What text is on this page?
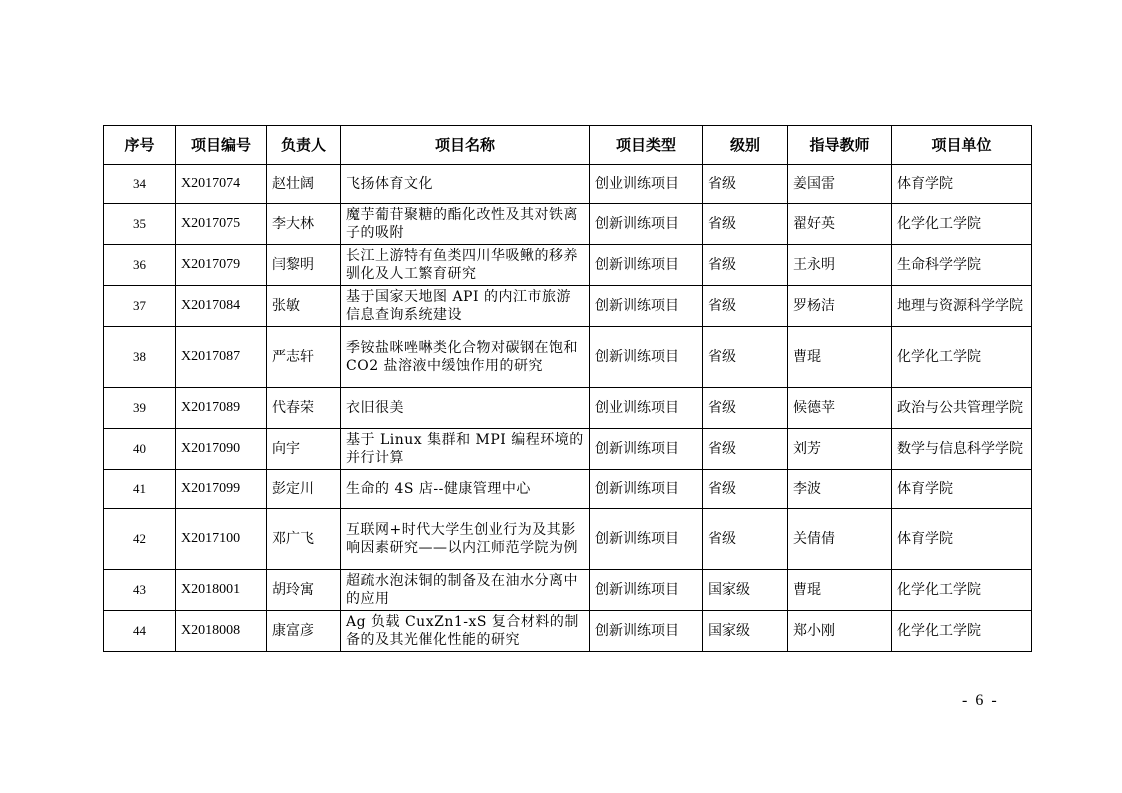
序号	项目编号	负责人	项目名称	项目类型	级别	指导教师	项目单位
34	X2017074	赵壮阔	飞扬体育文化	创业训练项目	省级	姜国雷	体育学院
35	X2017075	李大林	魔芋葡苷聚糖的酯化改性及其对铁离子的吸附	创新训练项目	省级	翟好英	化学化工学院
36	X2017079	闫黎明	长江上游特有鱼类四川华吸鳅的移养驯化及人工繁育研究	创新训练项目	省级	王永明	生命科学学院
37	X2017084	张敏	基于国家天地图 API 的内江市旅游信息查询系统建设	创新训练项目	省级	罗杨洁	地理与资源科学学院
38	X2017087	严志轩	季铵盐咪唑啉类化合物对碳钢在饱和 CO2 盐溶液中缓蚀作用的研究	创新训练项目	省级	曹琨	化学化工学院
39	X2017089	代春荣	衣旧很美	创业训练项目	省级	候德苹	政治与公共管理学院
40	X2017090	向宇	基于 Linux 集群和 MPI 编程环境的并行计算	创新训练项目	省级	刘芳	数学与信息科学学院
41	X2017099	彭定川	生命的 4S 店--健康管理中心	创新训练项目	省级	李波	体育学院
42	X2017100	邓广飞	互联网+时代大学生创业行为及其影响因素研究——以内江师范学院为例	创新训练项目	省级	关倩倩	体育学院
43	X2018001	胡玲寓	超疏水泡沫铜的制备及在油水分离中的应用	创新训练项目	国家级	曹琨	化学化工学院
44	X2018008	康富彦	Ag 负载 CuxZn1-xS 复合材料的制备的及其光催化性能的研究	创新训练项目	国家级	郑小刚	化学化工学院
- 6 -
